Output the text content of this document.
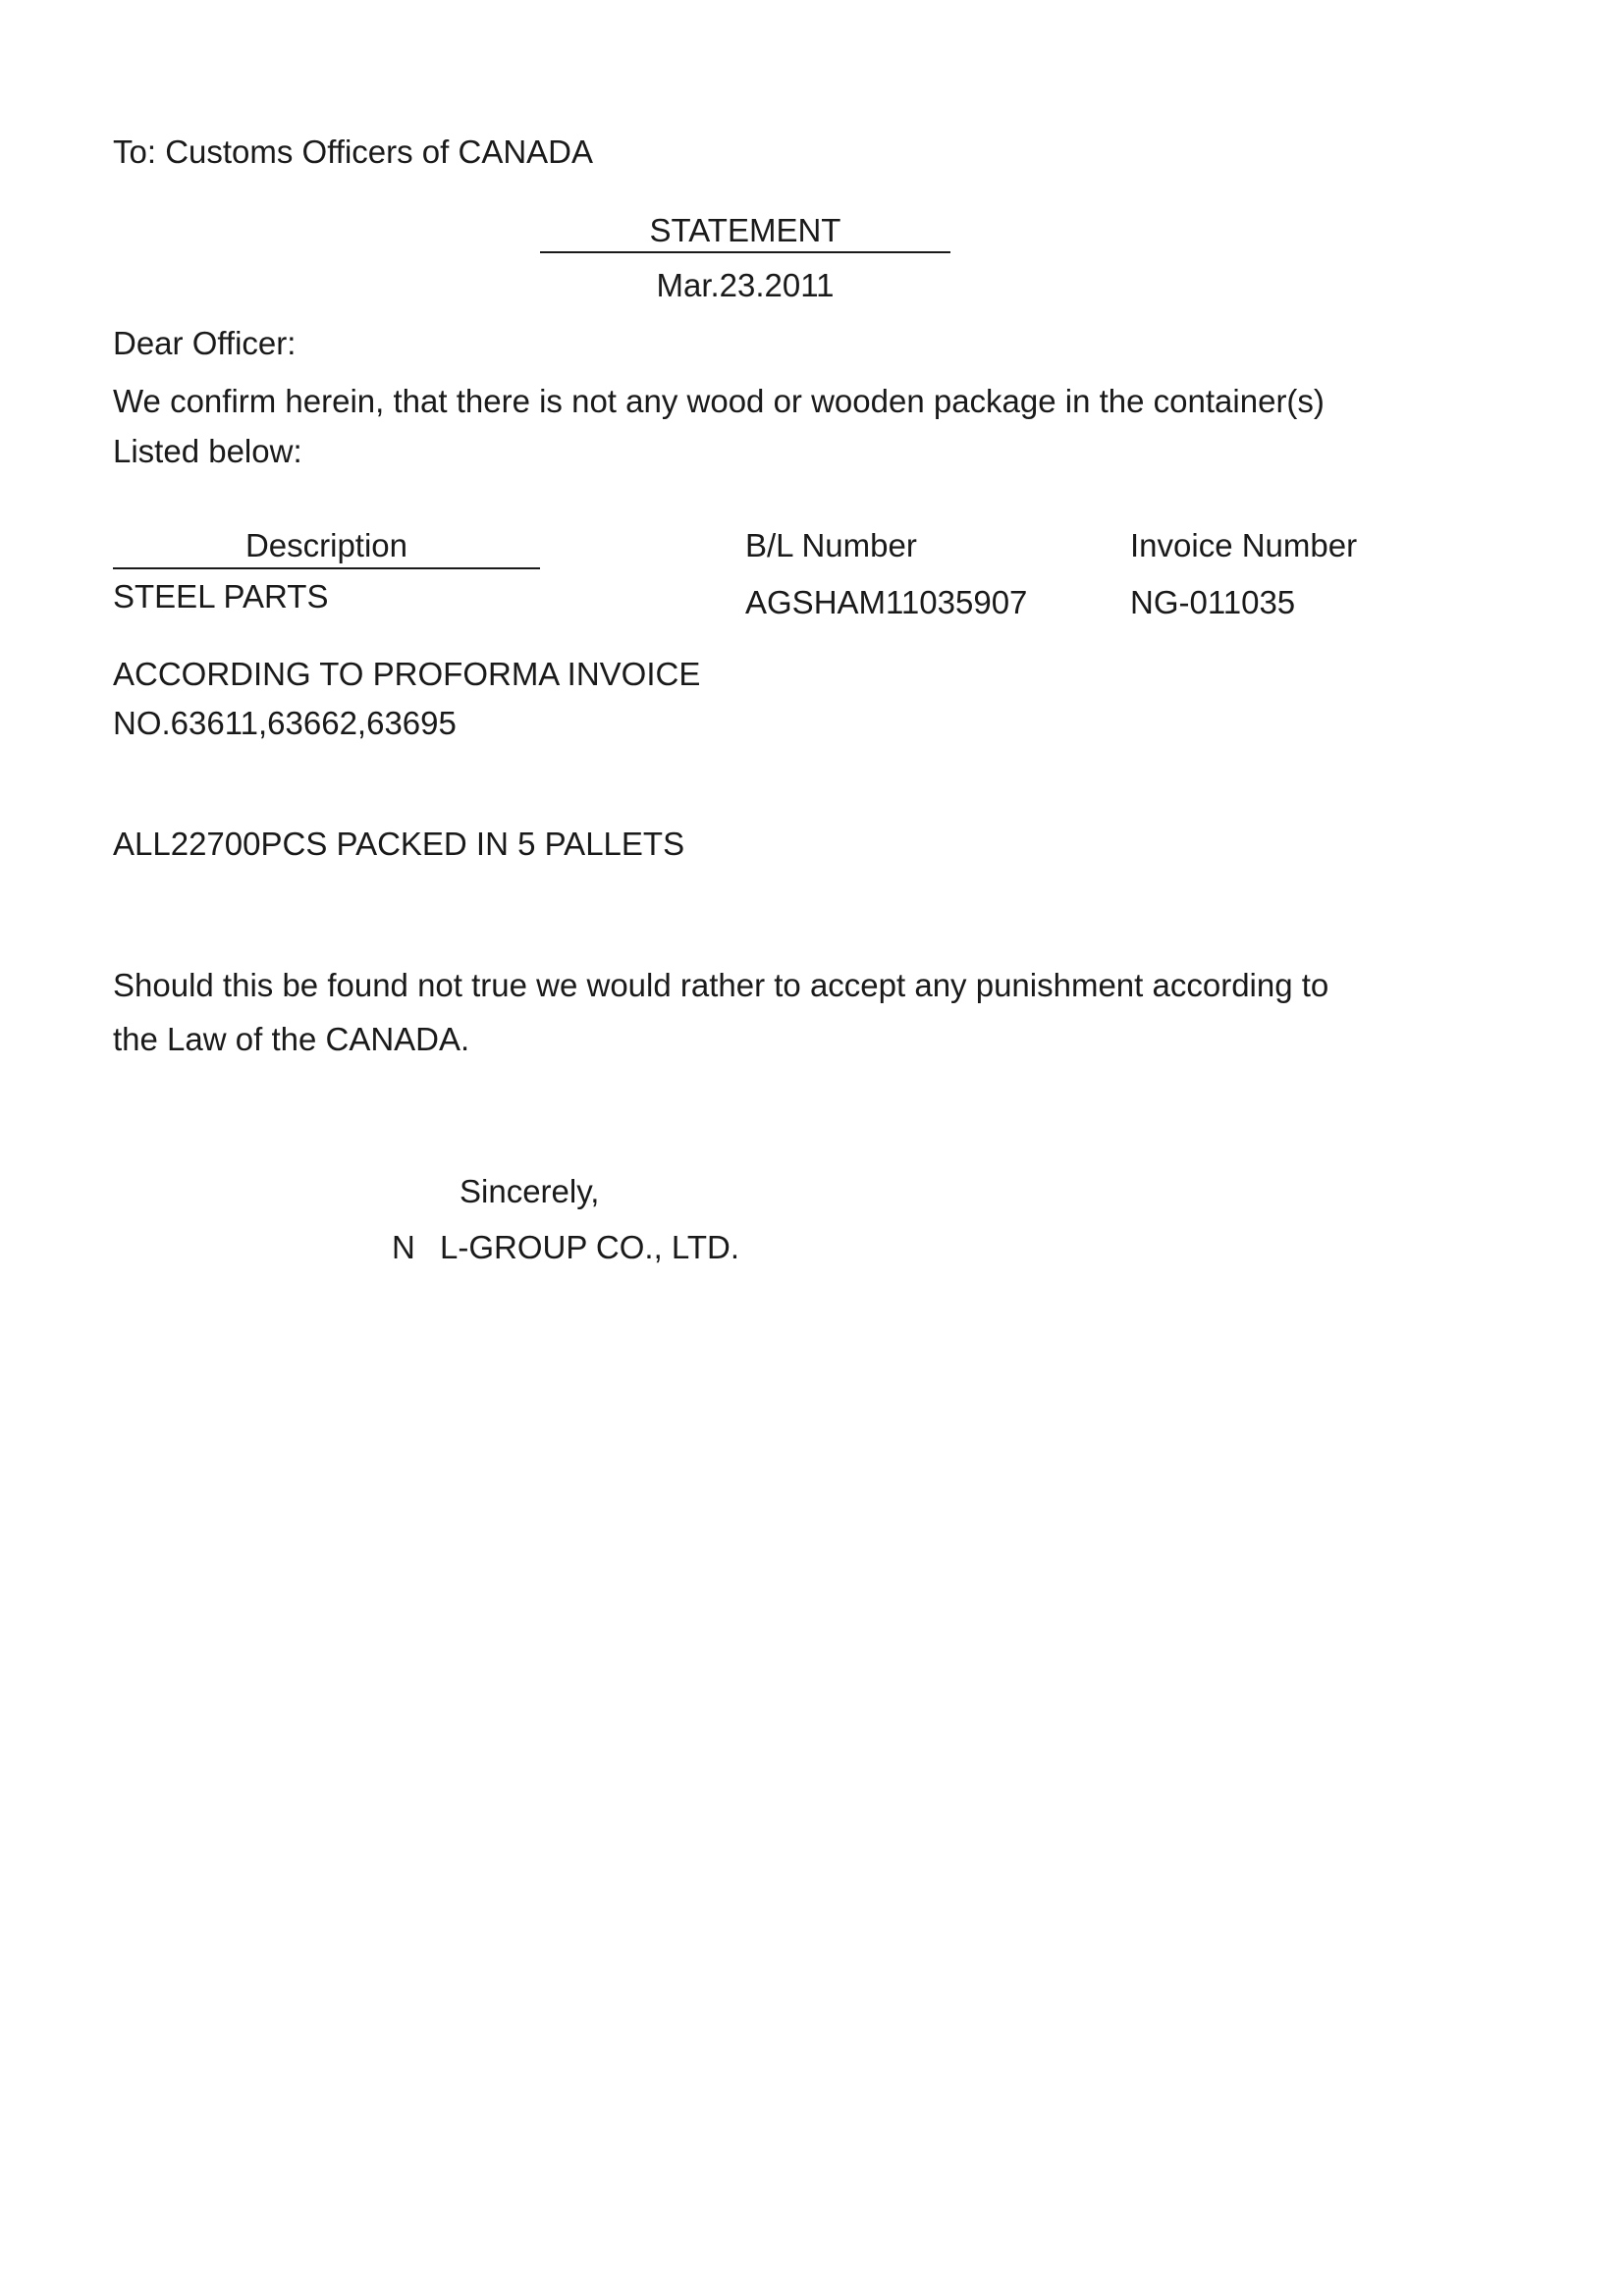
To: Customs Officers of CANADA

STATEMENT

Mar.23.2011

Dear Officer:

We confirm herein, that there is not any wood or wooden package in the container(s)

Listed below:

Description	B/L Number	Invoice Number

STEEL PARTS	AGSHAM11035907	NG-011035

ACCORDING TO PROFORMA INVOICE

NO.63611,63662,63695

ALL22700PCS PACKED IN 5 PALLETS

Should this be found not true we would rather to accept any punishment according to

the Law of the CANADA.

Sincerely,

N L-GROUP CO., LTD.
